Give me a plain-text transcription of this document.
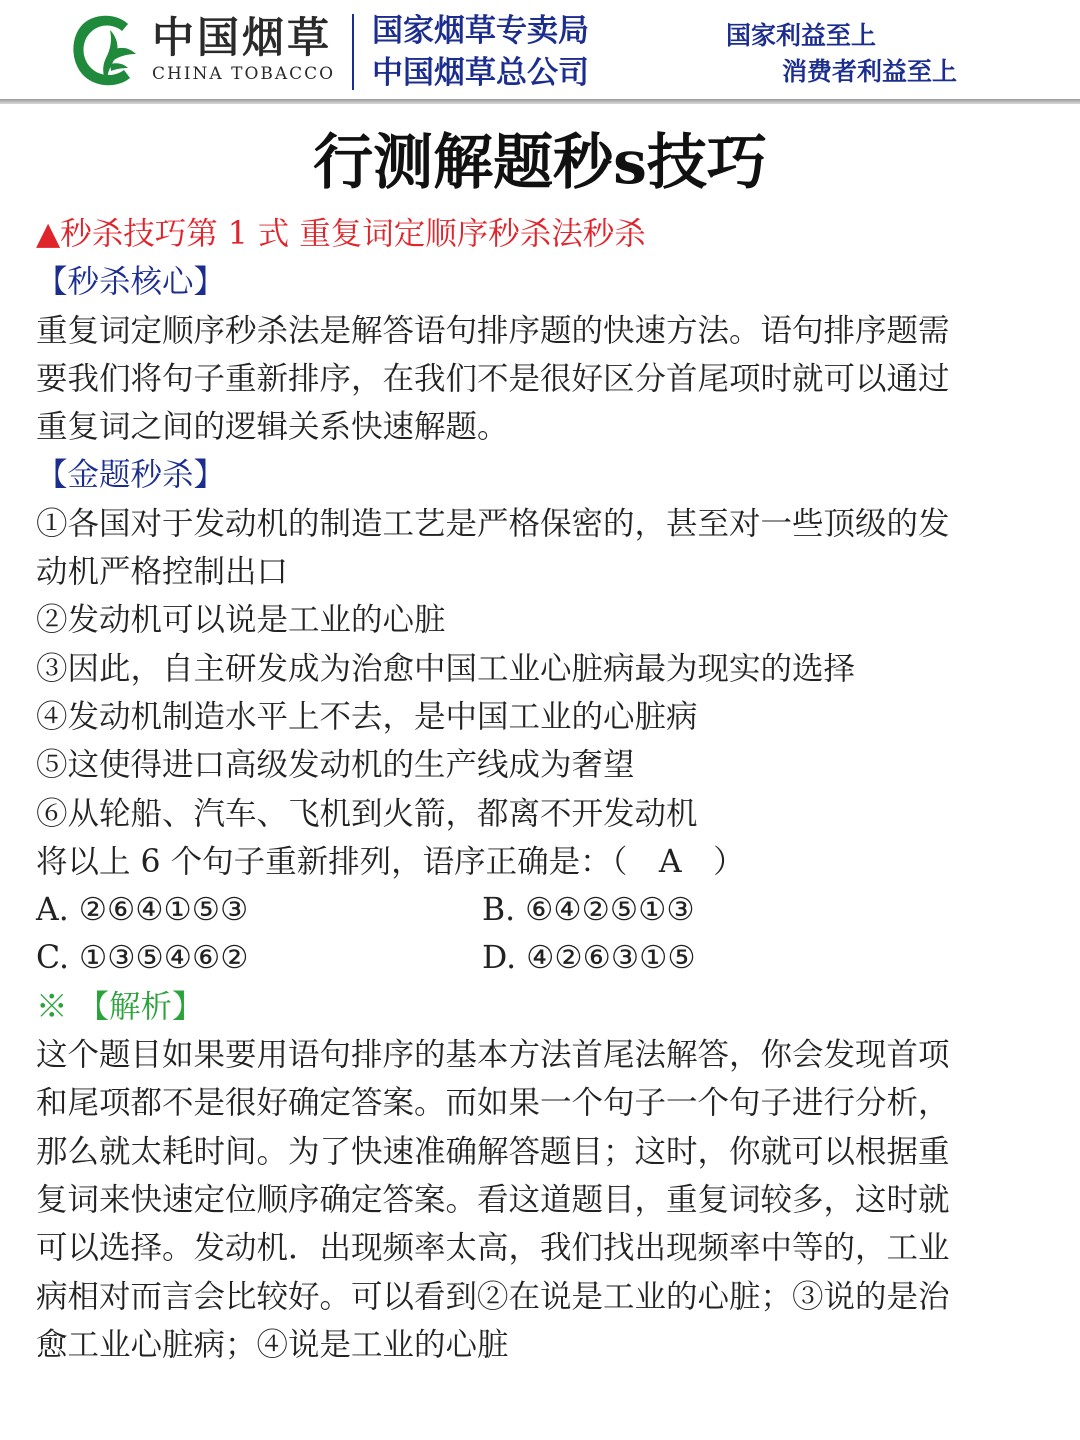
中国烟草
CHINA TOBACCO
国家烟草专卖局
中国烟草总公司
国家利益至上
消费者利益至上
行测解题秒s技巧

▲秒杀技巧第 1 式 重复词定顺序秒杀法秒杀

【秒杀核心】

重复词定顺序秒杀法是解答语句排序题的快速方法。语句排序题需

要我们将句子重新排序，在我们不是很好区分首尾项时就可以通过

重复词之间的逻辑关系快速解题。

【金题秒杀】

①各国对于发动机的制造工艺是严格保密的，甚至对一些顶级的发

动机严格控制出口

②发动机可以说是工业的心脏

③因此，自主研发成为治愈中国工业心脏病最为现实的选择

④发动机制造水平上不去，是中国工业的心脏病

⑤这使得进口高级发动机的生产线成为奢望

⑥从轮船、汽车、飞机到火箭，都离不开发动机

将以上 6 个句子重新排列，语序正确是：（　A　）

A. ②⑥④①⑤③	B. ⑥④②⑤①③
C. ①③⑤④⑥②	D. ④②⑥③①⑤

※ 【解析】

这个题目如果要用语句排序的基本方法首尾法解答，你会发现首项

和尾项都不是很好确定答案。而如果一个句子一个句子进行分析，

那么就太耗时间。为了快速准确解答题目；这时，你就可以根据重

复词来快速定位顺序确定答案。看这道题目，重复词较多，这时就

可以选择。发动机．出现频率太高，我们找出现频率中等的，工业

病相对而言会比较好。可以看到②在说是工业的心脏；③说的是治

愈工业心脏病；④说是工业的心脏
